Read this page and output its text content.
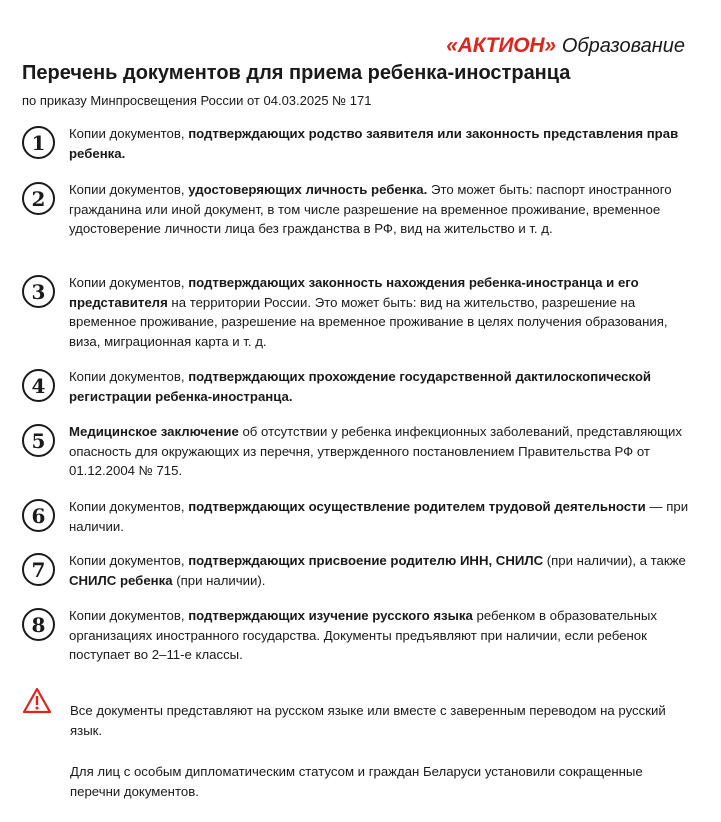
«АКТИОН» Образование
Перечень документов для приема ребенка-иностранца

по приказу Минпросвещения России от 04.03.2025 № 171

1	Копии документов, подтверждающих родство заявителя или законность представления прав ребенка.
2	Копии документов, удостоверяющих личность ребенка. Это может быть: паспорт иностранного гражданина или иной документ, в том числе разрешение на временное проживание, временное удостоверение личности лица без гражданства в РФ, вид на жительство и т. д.
3	Копии документов, подтверждающих законность нахождения ребенка-иностранца и его представителя на территории России. Это может быть: вид на жительство, разрешение на временное проживание, разрешение на временное проживание в целях получения образования, виза, миграционная карта и т. д.
4	Копии документов, подтверждающих прохождение государственной дактилоскопической регистрации ребенка-иностранца.
5	Медицинское заключение об отсутствии у ребенка инфекционных заболеваний, представляющих опасность для окружающих из перечня, утвержденного постановлением Правительства РФ от 01.12.2004 № 715.
6	Копии документов, подтверждающих осуществление родителем трудовой деятельности — при наличии.
7	Копии документов, подтверждающих присвоение родителю ИНН, СНИЛС (при наличии), а также СНИЛС ребенка (при наличии).
8	Копии документов, подтверждающих изучение русского языка ребенком в образовательных организациях иностранного государства. Документы предъявляют при наличии, если ребенок поступает во 2–11-е классы.
Все документы представляют на русском языке или вместе с заверенным переводом на русский язык.
Для лиц с особым дипломатическим статусом и граждан Беларуси установили сокращенные перечни документов.
